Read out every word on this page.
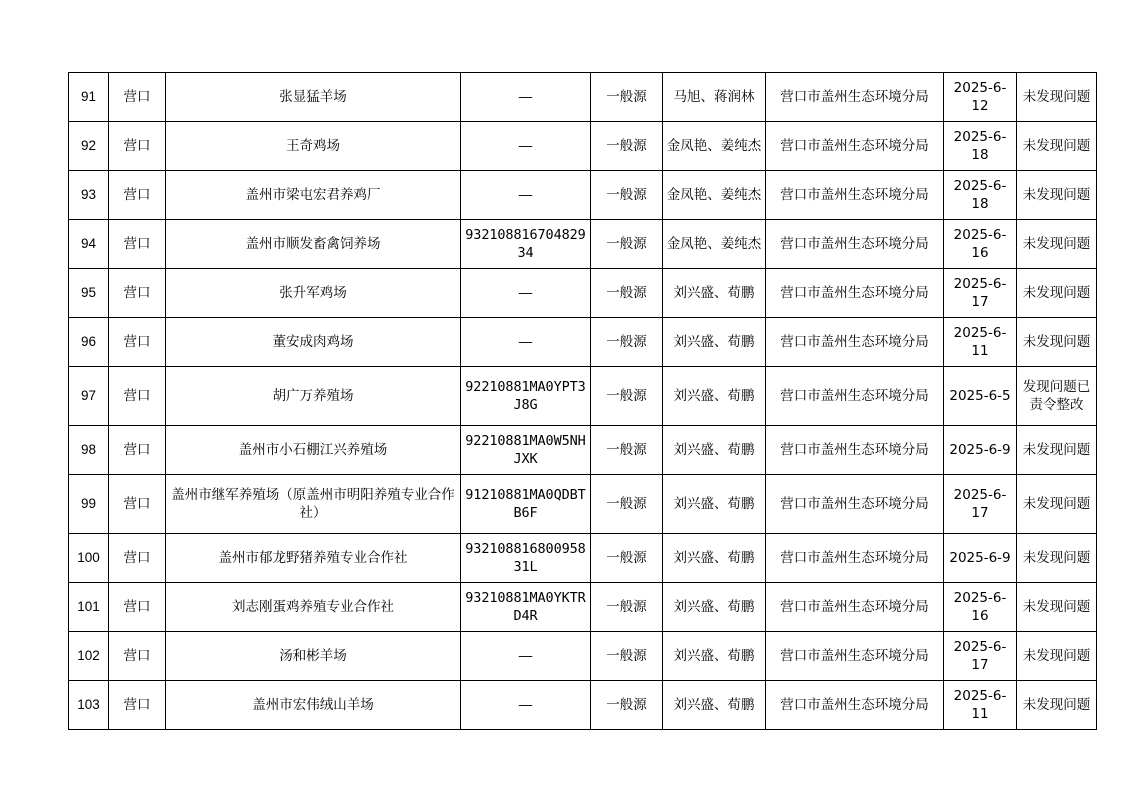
91	营口	张显猛羊场	—	一般源	马旭、蒋润林	营口市盖州生态环境分局	2025-6-12	未发现问题
92	营口	王奇鸡场	—	一般源	金凤艳、姜纯杰	营口市盖州生态环境分局	2025-6-18	未发现问题
93	营口	盖州市梁屯宏君养鸡厂	—	一般源	金凤艳、姜纯杰	营口市盖州生态环境分局	2025-6-18	未发现问题
94	营口	盖州市顺发畜禽饲养场	93210881670482934	一般源	金凤艳、姜纯杰	营口市盖州生态环境分局	2025-6-16	未发现问题
95	营口	张升军鸡场	—	一般源	刘兴盛、荀鹏	营口市盖州生态环境分局	2025-6-17	未发现问题
96	营口	董安成肉鸡场	—	一般源	刘兴盛、荀鹏	营口市盖州生态环境分局	2025-6-11	未发现问题
97	营口	胡广万养殖场	92210881MA0YPT3J8G	一般源	刘兴盛、荀鹏	营口市盖州生态环境分局	2025-6-5	发现问题已责令整改
98	营口	盖州市小石棚江兴养殖场	92210881MA0W5NHJXK	一般源	刘兴盛、荀鹏	营口市盖州生态环境分局	2025-6-9	未发现问题
99	营口	盖州市继军养殖场（原盖州市明阳养殖专业合作社）	91210881MA0QDBTB6F	一般源	刘兴盛、荀鹏	营口市盖州生态环境分局	2025-6-17	未发现问题
100	营口	盖州市郁龙野猪养殖专业合作社	93210881680095831L	一般源	刘兴盛、荀鹏	营口市盖州生态环境分局	2025-6-9	未发现问题
101	营口	刘志刚蛋鸡养殖专业合作社	93210881MA0YKTRD4R	一般源	刘兴盛、荀鹏	营口市盖州生态环境分局	2025-6-16	未发现问题
102	营口	汤和彬羊场	—	一般源	刘兴盛、荀鹏	营口市盖州生态环境分局	2025-6-17	未发现问题
103	营口	盖州市宏伟绒山羊场	—	一般源	刘兴盛、荀鹏	营口市盖州生态环境分局	2025-6-11	未发现问题
